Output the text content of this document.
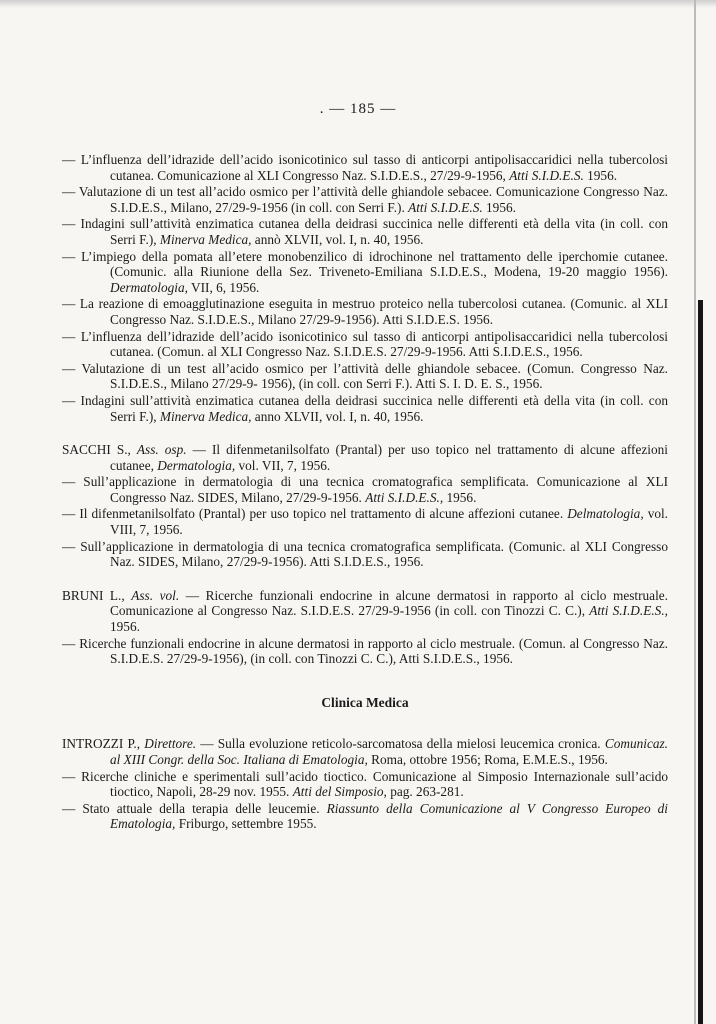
. — 185 —

— L’influenza dell’idrazide dell’acido isonicotinico sul tasso di anticorpi antipolisaccaridici nella tubercolosi cutanea. Comunicazione al XLI Congresso Naz. S.I.D.E.S., 27/29-9-1956, Atti S.I.D.E.S. 1956.

— Valutazione di un test all’acido osmico per l’attività delle ghiandole sebacee. Comunicazione Congresso Naz. S.I.D.E.S., Milano, 27/29-9-1956 (in coll. con Serri F.). Atti S.I.D.E.S. 1956.

— Indagini sull’attività enzimatica cutanea della deidrasi succinica nelle differenti età della vita (in coll. con Serri F.), Minerva Medica, annò XLVII, vol. I, n. 40, 1956.

— L’impiego della pomata all’etere monobenzilico di idrochinone nel trattamento delle iperchomie cutanee. (Comunic. alla Riunione della Sez. Triveneto-Emiliana S.I.D.E.S., Modena, 19-20 maggio 1956). Dermatologia, VII, 6, 1956.

— La reazione di emoagglutinazione eseguita in mestruo proteico nella tubercolosi cutanea. (Comunic. al XLI Congresso Naz. S.I.D.E.S., Milano 27/29-9-1956). Atti S.I.D.E.S. 1956.

— L’influenza dell’idrazide dell’acido isonicotinico sul tasso di anticorpi antipolisaccaridici nella tubercolosi cutanea. (Comun. al XLI Congresso Naz. S.I.D.E.S. 27/29-9-1956. Atti S.I.D.E.S., 1956.

— Valutazione di un test all’acido osmico per l’attività delle ghiandole sebacee. (Comun. Congresso Naz. S.I.D.E.S., Milano 27/29-9- 1956), (in coll. con Serri F.). Atti S. I. D. E. S., 1956.

— Indagini sull’attività enzimatica cutanea della deidrasi succinica nelle differenti età della vita (in coll. con Serri F.), Minerva Medica, anno XLVII, vol. I, n. 40, 1956.

SACCHI S., Ass. osp. — Il difenmetanilsolfato (Prantal) per uso topico nel trattamento di alcune affezioni cutanee, Dermatologia, vol. VII, 7, 1956.

— Sull’applicazione in dermatologia di una tecnica cromatografica semplificata. Comunicazione al XLI Congresso Naz. SIDES, Milano, 27/29-9-1956. Atti S.I.D.E.S., 1956.

— Il difenmetanilsolfato (Prantal) per uso topico nel trattamento di alcune affezioni cutanee. Delmatologia, vol. VIII, 7, 1956.

— Sull’applicazione in dermatologia di una tecnica cromatografica semplificata. (Comunic. al XLI Congresso Naz. SIDES, Milano, 27/29-9-1956). Atti S.I.D.E.S., 1956.

BRUNI L., Ass. vol. — Ricerche funzionali endocrine in alcune dermatosi in rapporto al ciclo mestruale. Comunicazione al Congresso Naz. S.I.D.E.S. 27/29-9-1956 (in coll. con Tinozzi C. C.), Atti S.I.D.E.S., 1956.

— Ricerche funzionali endocrine in alcune dermatosi in rapporto al ciclo mestruale. (Comun. al Congresso Naz. S.I.D.E.S. 27/29-9-1956), (in coll. con Tinozzi C. C.), Atti S.I.D.E.S., 1956.

Clinica Medica

INTROZZI P., Direttore. — Sulla evoluzione reticolo-sarcomatosa della mielosi leucemica cronica. Comunicaz. al XIII Congr. della Soc. Italiana di Ematologia, Roma, ottobre 1956; Roma, E.M.E.S., 1956.

— Ricerche cliniche e sperimentali sull’acido tioctico. Comunicazione al Simposio Internazionale sull’acido tioctico, Napoli, 28-29 nov. 1955. Atti del Simposio, pag. 263-281.

— Stato attuale della terapia delle leucemie. Riassunto della Comunicazione al V Congresso Europeo di Ematologia, Friburgo, settembre 1955.
